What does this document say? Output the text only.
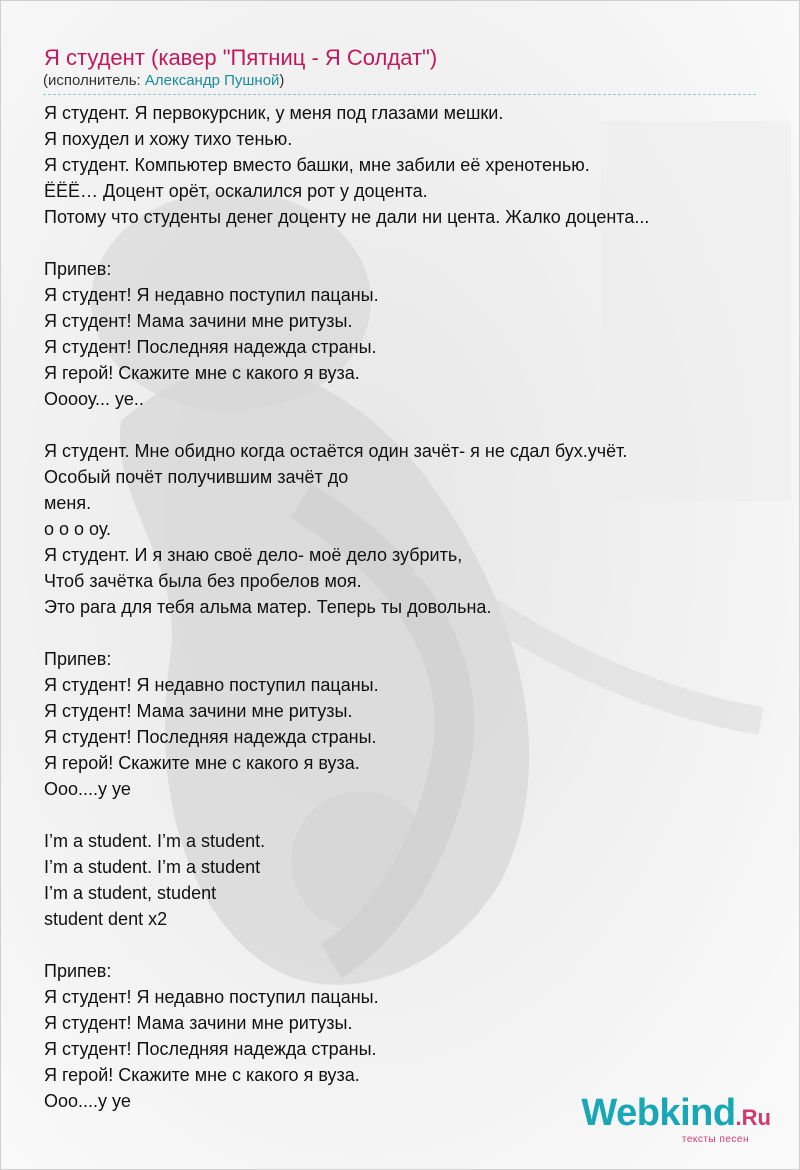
Я студент (кавер "Пятниц - Я Солдат")
(исполнитель: Александр Пушной)
Я студент. Я первокурсник, у меня под глазами мешки.
Я похудел и хожу тихо тенью.
Я студент. Компьютер вместо башки, мне забили её хренотенью.
ЁЁЁ… Доцент орёт, оскалился рот у доцента.
Потому что студенты денег доценту не дали ни цента. Жалко доцента...
Припев:
Я студент! Я недавно поступил пацаны.
Я студент! Мама зачини мне ритузы.
Я студент! Последняя надежда страны.
Я герой! Скажите мне с какого я вуза.
Ооооу... уе..
Я студент. Мне обидно когда остаётся один зачёт- я не сдал бух.учёт.
Особый почёт получившим зачёт до
меня.
о о о оу.
Я студент. И я знаю своё дело- моё дело зубрить,
Чтоб зачётка была без пробелов моя.
Это рага для тебя альма матер. Теперь ты довольна.
Припев:
Я студент! Я недавно поступил пацаны.
Я студент! Мама зачини мне ритузы.
Я студент! Последняя надежда страны.
Я герой! Скажите мне с какого я вуза.
Ооо....у уе
I’m a student. I’m a student.
I’m a student. I’m a student
I’m a student, student
student dent x2
Припев:
Я студент! Я недавно поступил пацаны.
Я студент! Мама зачини мне ритузы.
Я студент! Последняя надежда страны.
Я герой! Скажите мне с какого я вуза.
Ооо....у уе	Webkind.Ru
тексты песен
